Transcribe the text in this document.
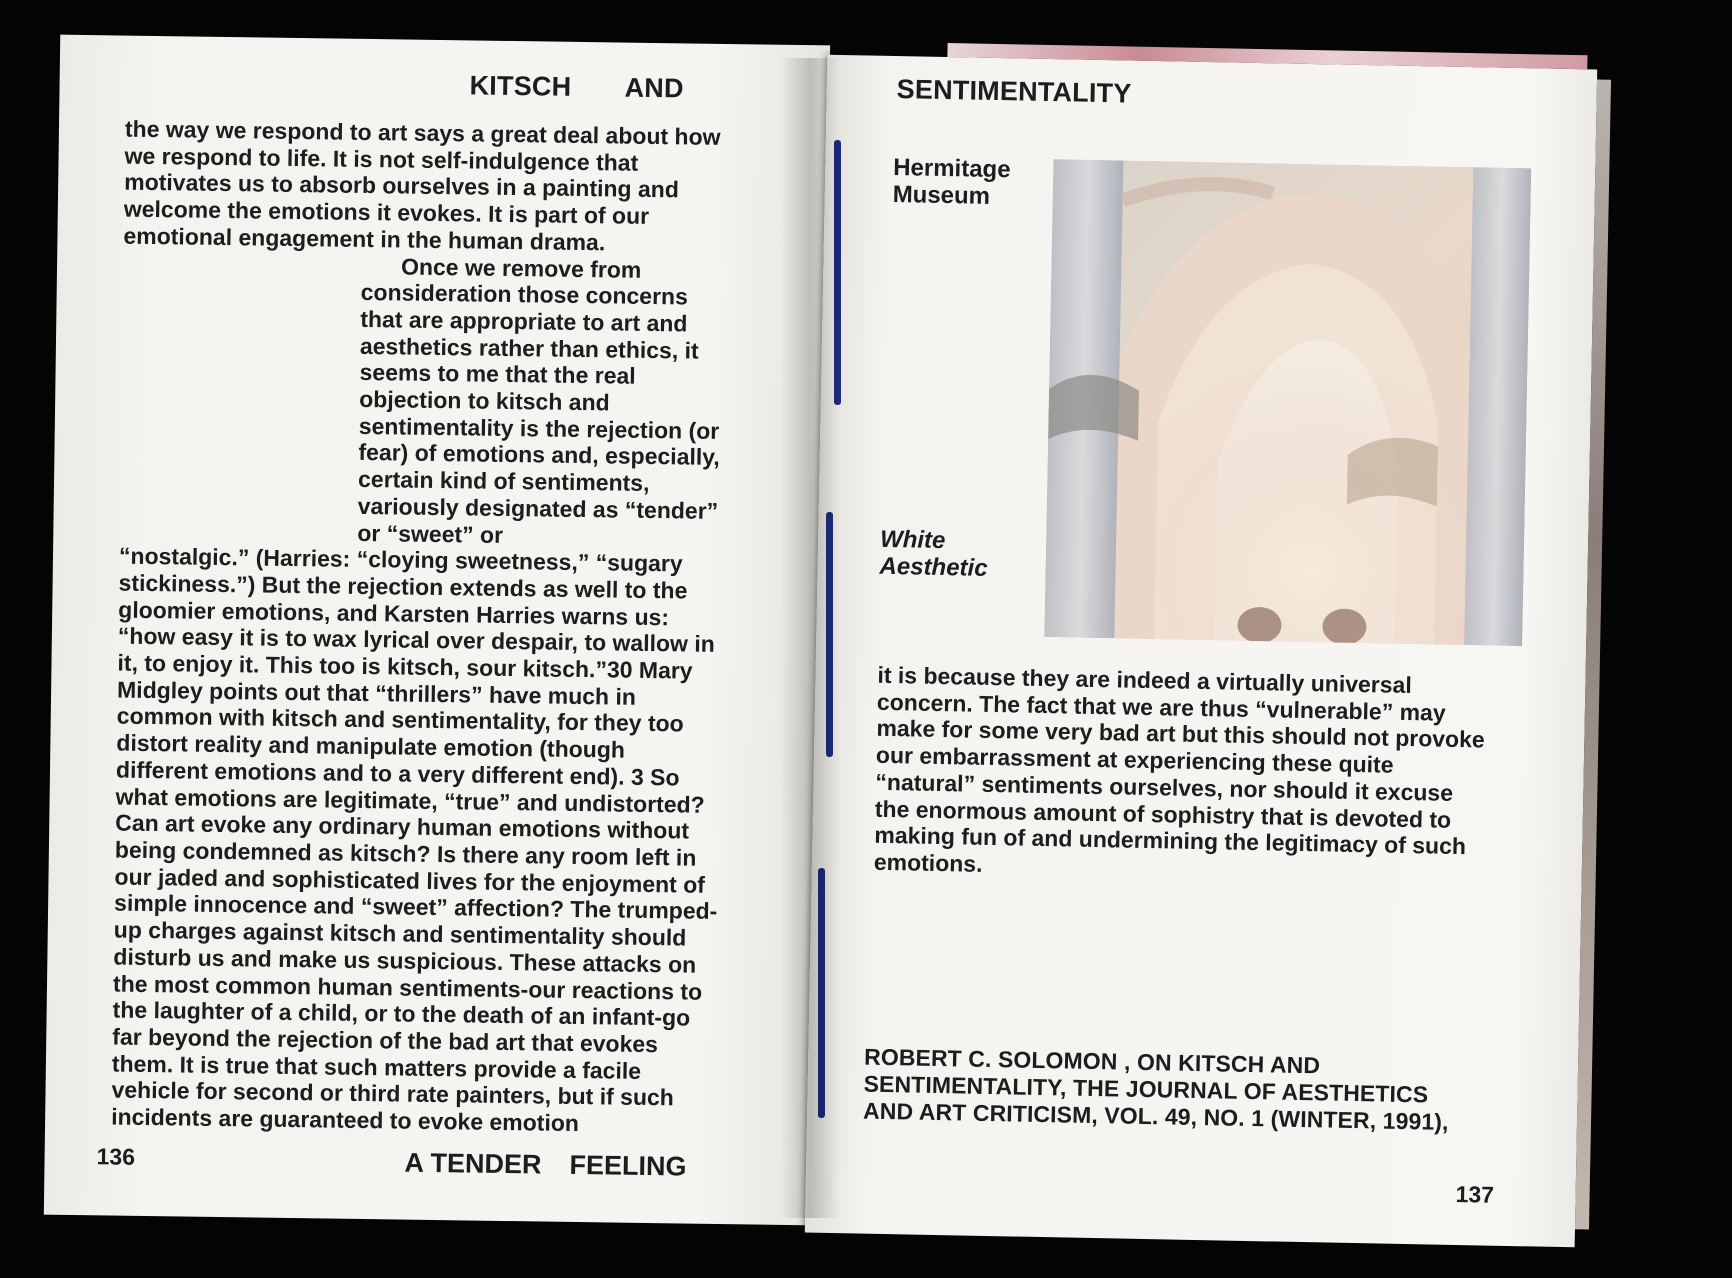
KITSCH AND

the way we respond to art says a great deal about how we respond to life. It is not self-indulgence that motivates us to absorb ourselves in a painting and welcome the emotions it evokes. It is part of our emotional engagement in the human drama.

Once we remove from consideration those concerns that are appropriate to art and aesthetics rather than ethics, it seems to me that the real objection to kitsch and sentimentality is the rejection (or fear) of emotions and, especially, certain kind of sentiments, variously designated as “tender” or “sweet” or

“nostalgic.” (Harries: “cloying sweetness,” “sugary stickiness.”) But the rejection extends as well to the gloomier emotions, and Karsten Harries warns us: “how easy it is to wax lyrical over despair, to wallow in it, to enjoy it. This too is kitsch, sour kitsch.”30 Mary Midgley points out that “thrillers” have much in common with kitsch and sentimentality, for they too distort reality and manipulate emotion (though different emotions and to a very different end). 3 So what emotions are legitimate, “true” and undistorted? Can art evoke any ordinary human emotions without being condemned as kitsch? Is there any room left in our jaded and sophisticated lives for the enjoyment of simple innocence and “sweet” affection? The trumped-up charges against kitsch and sentimentality should disturb us and make us suspicious. These attacks on the most common human sentiments-our reactions to the laughter of a child, or to the death of an infant-go far beyond the rejection of the bad art that evokes them. It is true that such matters provide a facile vehicle for second or third rate painters, but if such incidents are guaranteed to evoke emotion

136	A TENDER FEELING
SENTIMENTALITY
Hermitage Museum
White Aesthetic
it is because they are indeed a virtually universal concern. The fact that we are thus “vulnerable” may make for some very bad art but this should not provoke our embarrassment at experiencing these quite “natural” sentiments ourselves, nor should it excuse the enormous amount of sophistry that is devoted to making fun of and undermining the legitimacy of such emotions.
ROBERT C. SOLOMON , ON KITSCH AND SENTIMENTALITY, THE JOURNAL OF AESTHETICS AND ART CRITICISM, VOL. 49, NO. 1 (WINTER, 1991),
137
